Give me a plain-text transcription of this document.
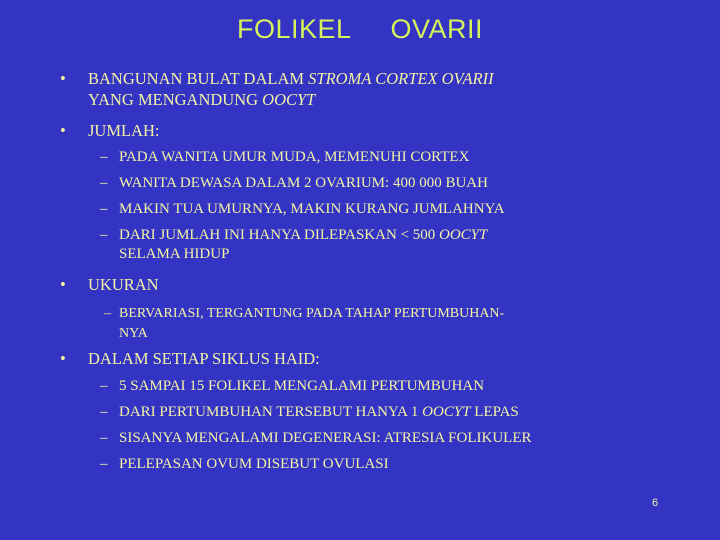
FOLIKEL  OVARII
• BANGUNAN BULAT DALAM STROMA CORTEX OVARII
YANG MENGANDUNG OOCYT
• JUMLAH:
– PADA WANITA UMUR MUDA, MEMENUHI CORTEX
– WANITA DEWASA DALAM 2 OVARIUM: 400 000 BUAH
– MAKIN TUA UMURNYA, MAKIN KURANG JUMLAHNYA
– DARI JUMLAH INI HANYA DILEPASKAN < 500 OOCYT
SELAMA HIDUP
• UKURAN
– BERVARIASI, TERGANTUNG PADA TAHAP PERTUMBUHAN-
NYA
• DALAM SETIAP SIKLUS HAID:
– 5 SAMPAI 15 FOLIKEL MENGALAMI PERTUMBUHAN
– DARI PERTUMBUHAN TERSEBUT HANYA 1 OOCYT LEPAS
– SISANYA MENGALAMI DEGENERASI: ATRESIA FOLIKULER
– PELEPASAN OVUM DISEBUT OVULASI
6
